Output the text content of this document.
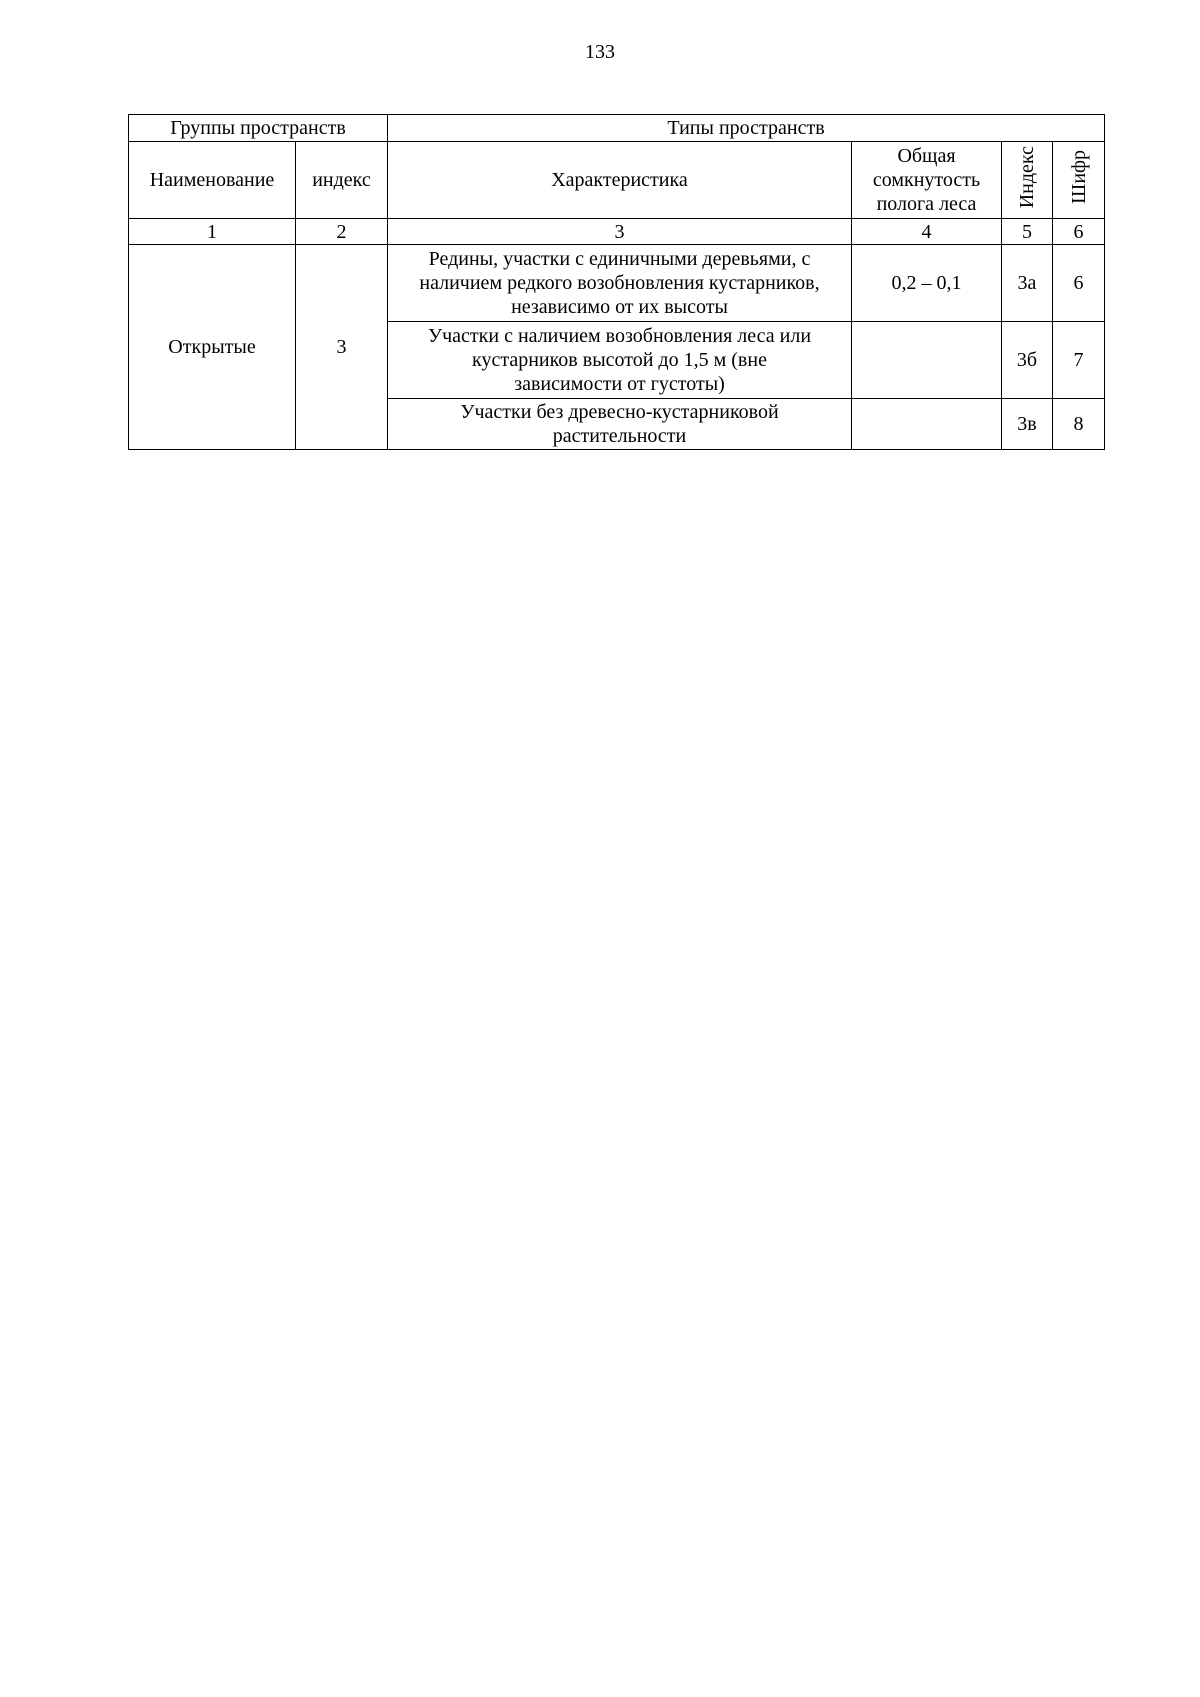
133
Группы пространств		Типы пространств			
Наименование	индекс	Характеристика	Общая
сомкнутость
полога леса	Индекс	Шифр
1	2	3	4	5	6
Открытые	3	Редины, участки с единичными деревьями, с
наличием редкого возобновления кустарников,
независимо от их высоты	0,2 – 0,1	3а	6

		Участки с наличием возобновления леса или
кустарников высотой до 1,5 м (вне
зависимости от густоты)		3б	7

		Участки без древесно-кустарниковой
растительности		3в	8
